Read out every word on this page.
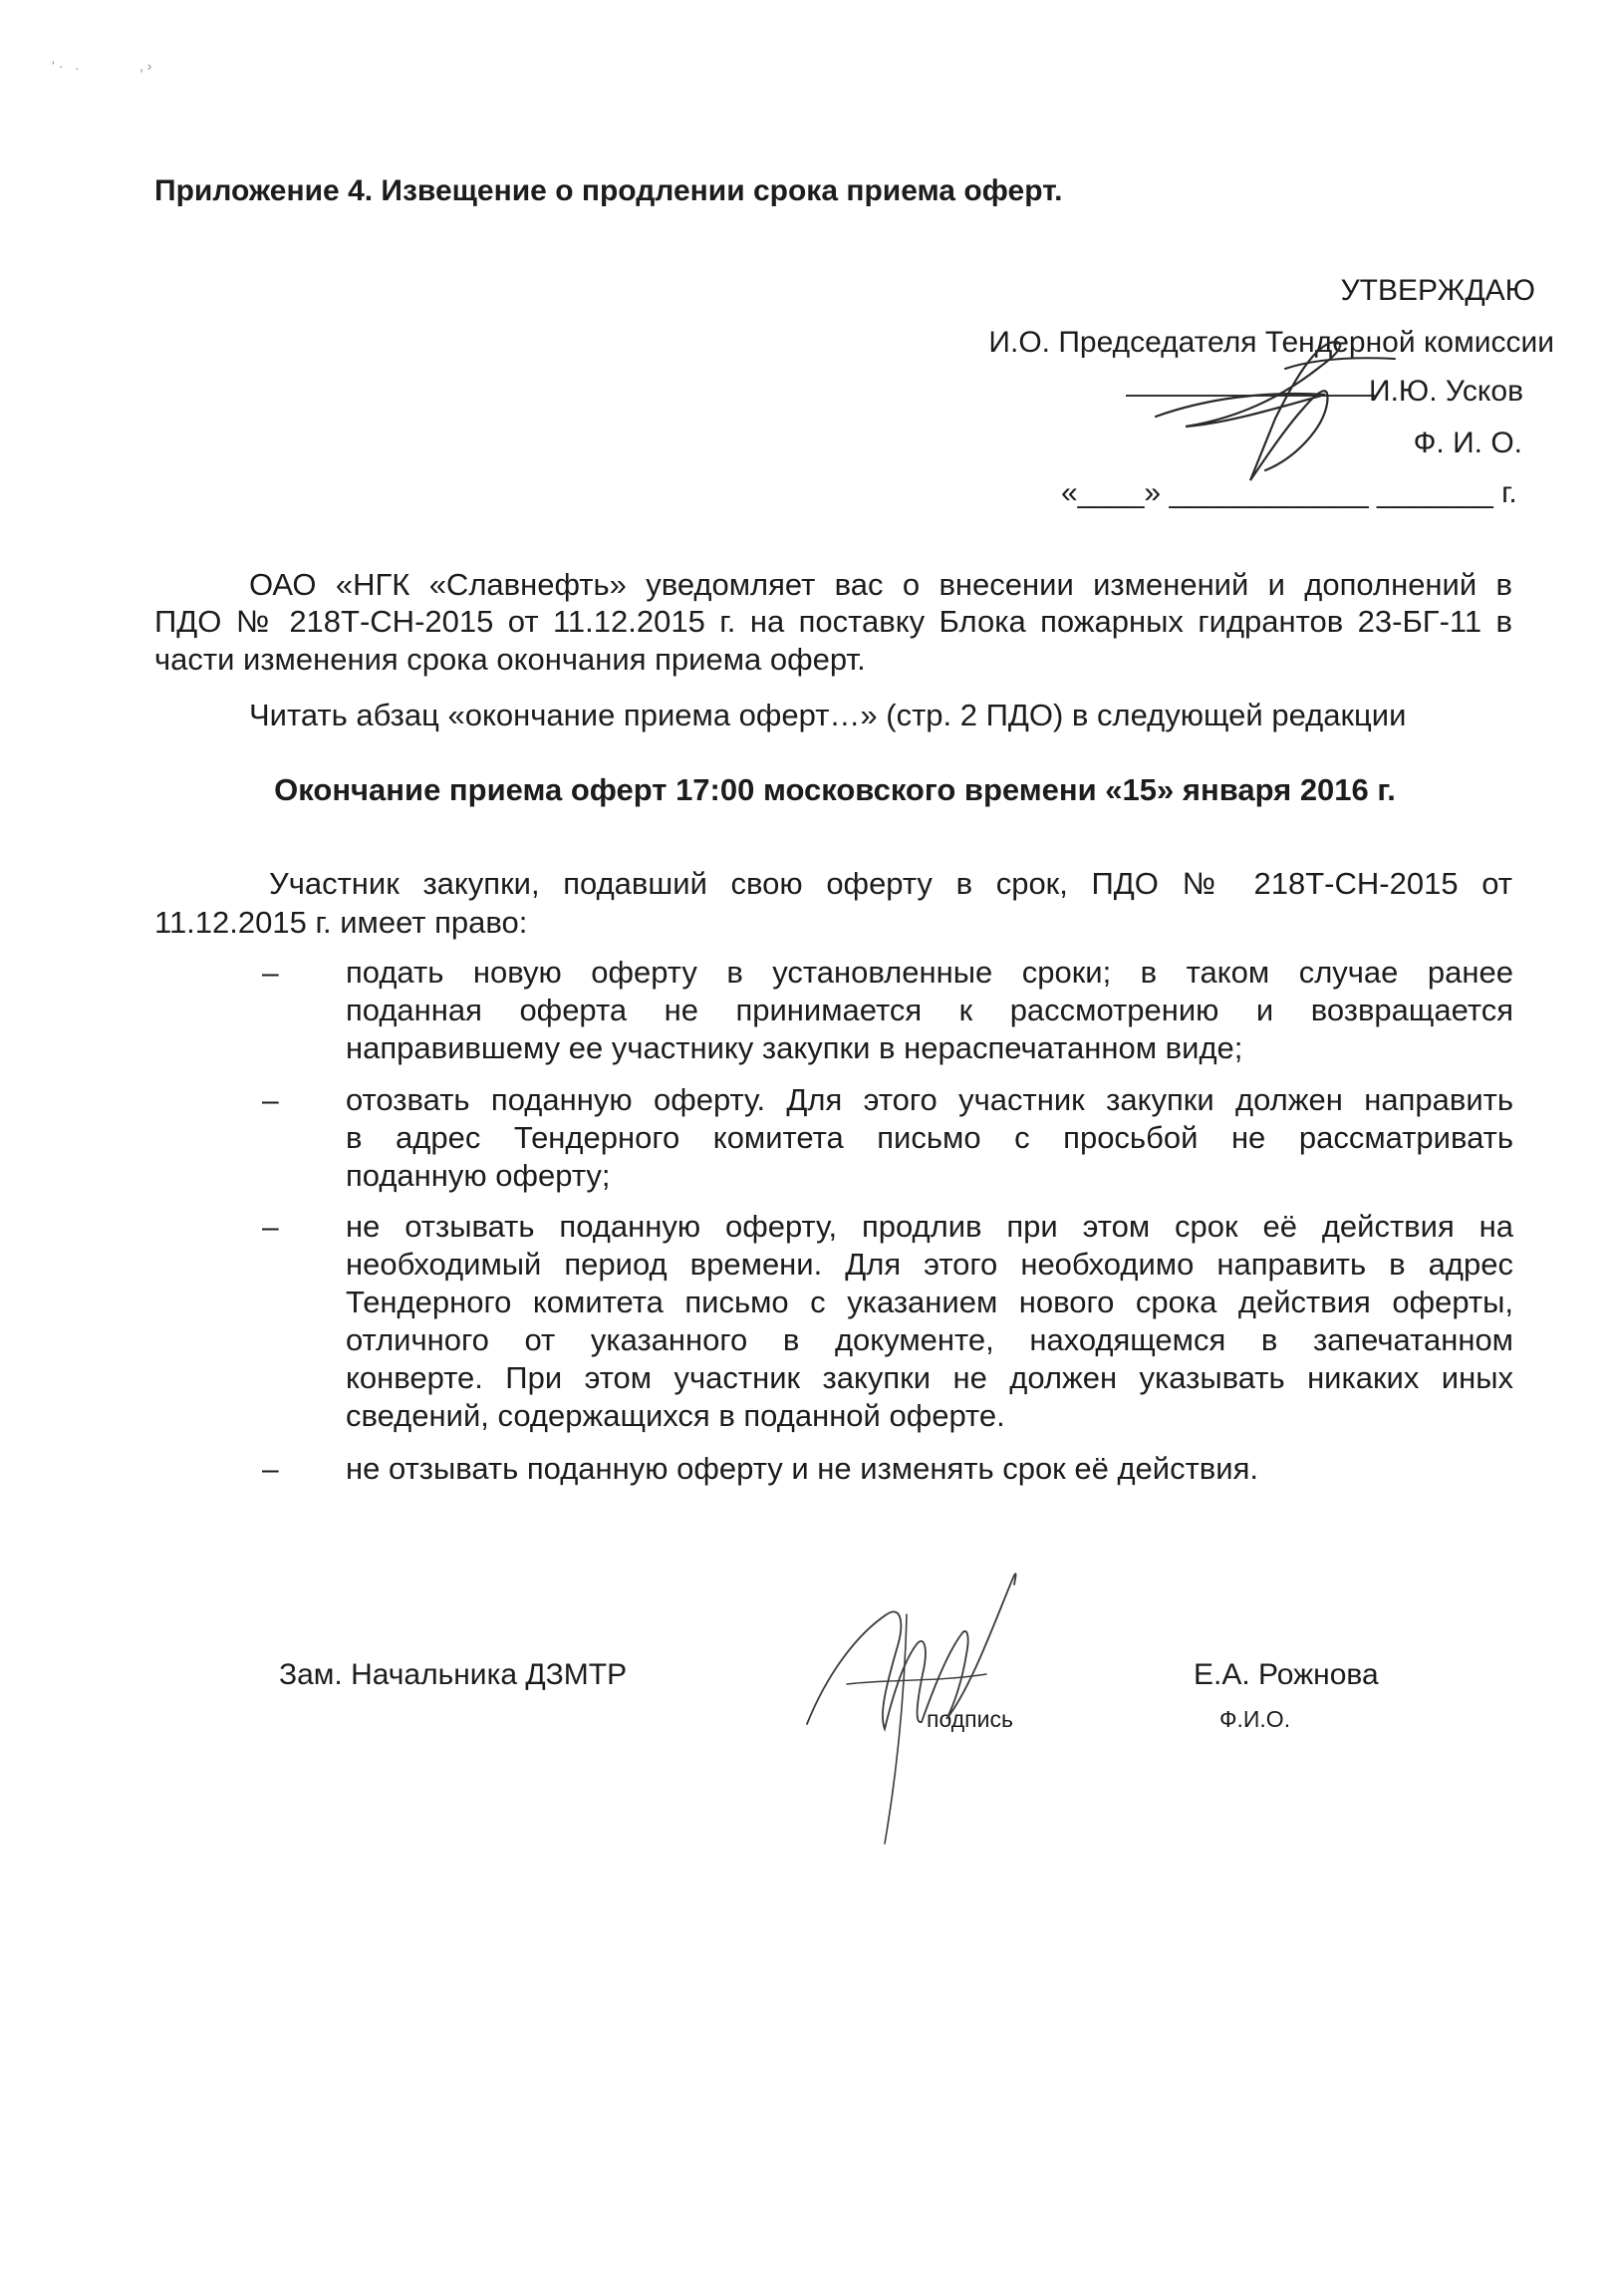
' · ·	, ›
Приложение 4. Извещение о продлении срока приема оферт.
УТВЕРЖДАЮ
И.О. Председателя Тендерной комиссии
И.Ю. Усков
Ф. И. О.
«____» ____________ _______ г.
ОАО «НГК «Славнефть» уведомляет вас о внесении изменений и дополнений в
ПДО № 218Т-СН-2015 от 11.12.2015 г. на поставку Блока пожарных гидрантов 23-БГ-11 в
части изменения срока окончания приема оферт.
Читать абзац «окончание приема оферт…» (стр. 2 ПДО) в следующей редакции
Окончание приема оферт 17:00 московского времени «15» января 2016 г.
Участник закупки, подавший свою оферту в срок, ПДО № 218Т-СН-2015 от
11.12.2015 г. имеет право:
– подать новую оферту в установленные сроки; в таком случае ранее
поданная оферта не принимается к рассмотрению и возвращается
направившему ее участнику закупки в нераспечатанном виде;
– отозвать поданную оферту. Для этого участник закупки должен направить
в адрес Тендерного комитета письмо с просьбой не рассматривать
поданную оферту;
– не отзывать поданную оферту, продлив при этом срок её действия на
необходимый период времени. Для этого необходимо направить в адрес
Тендерного комитета письмо с указанием нового срока действия оферты,
отличного от указанного в документе, находящемся в запечатанном
конверте. При этом участник закупки не должен указывать никаких иных
сведений, содержащихся в поданной оферте.
– не отзывать поданную оферту и не изменять срок её действия.
Зам. Начальника ДЗМТР
подпись
Е.А. Рожнова
Ф.И.О.
